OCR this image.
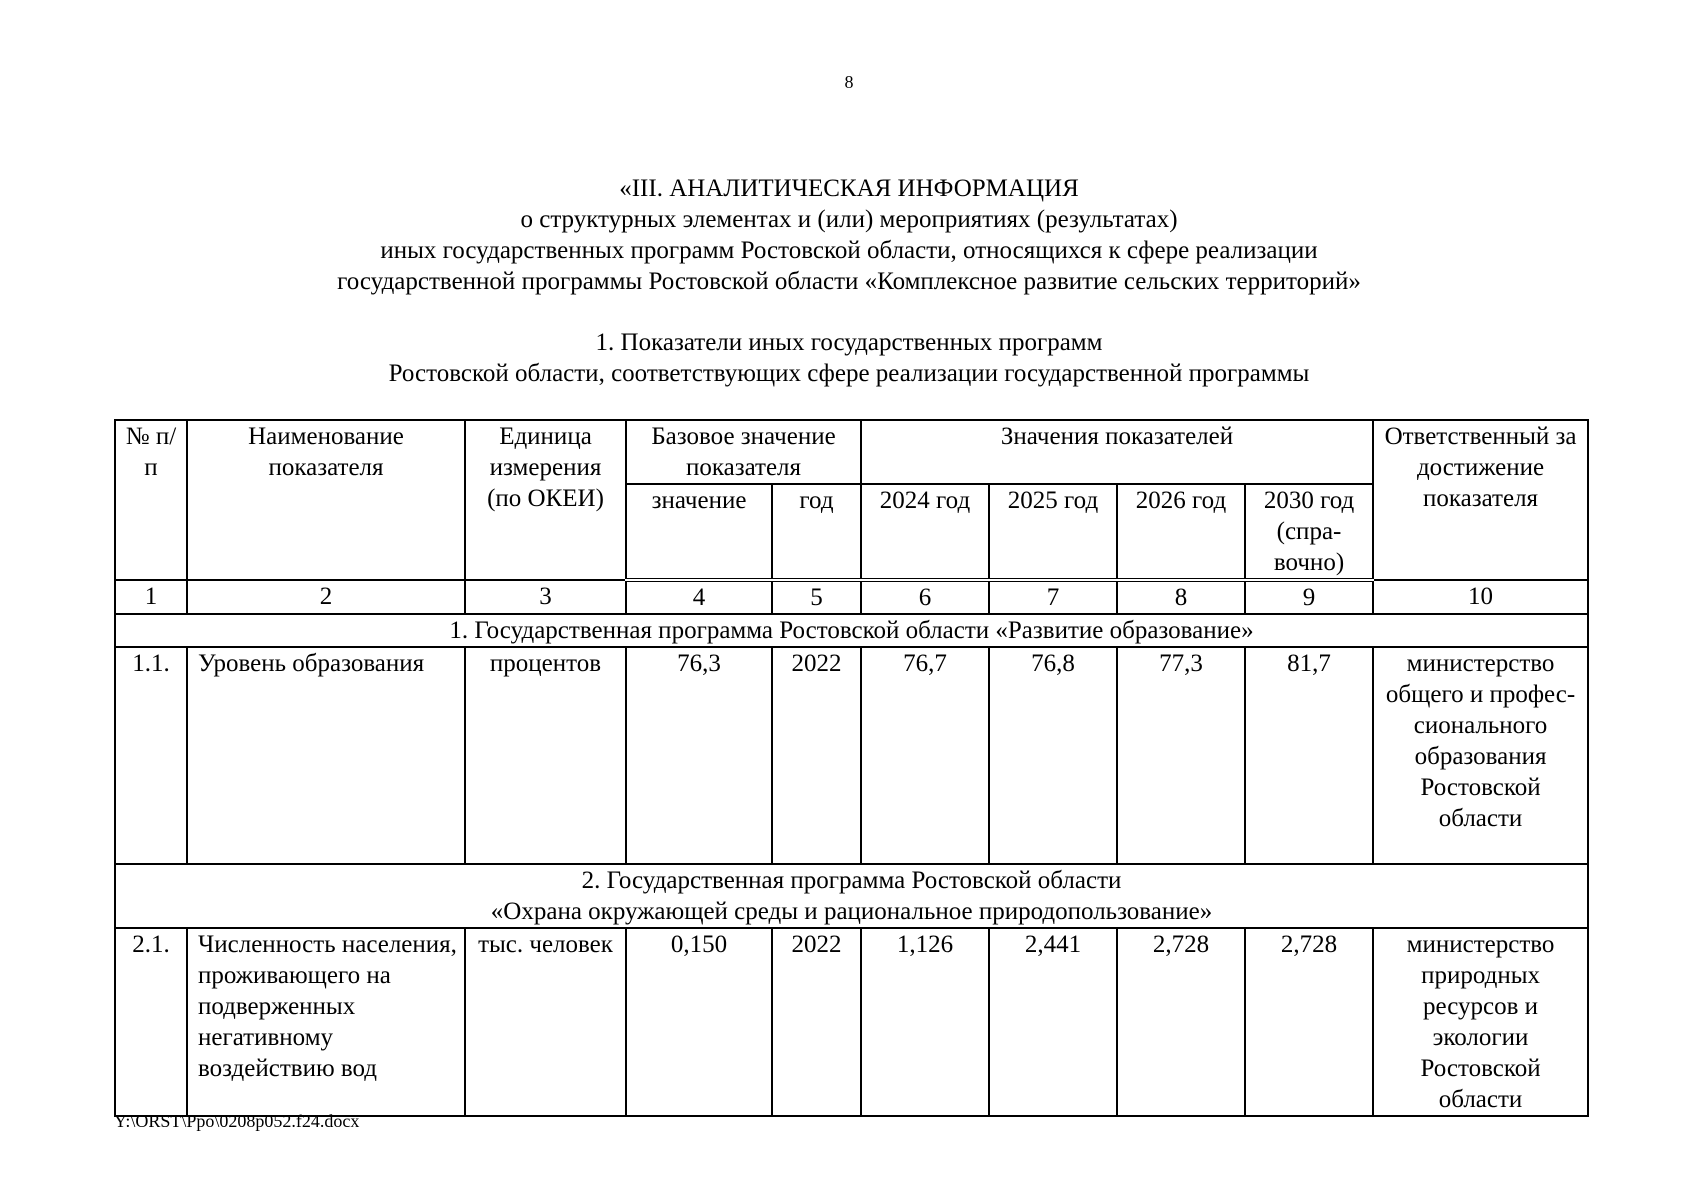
8
«III. АНАЛИТИЧЕСКАЯ ИНФОРМАЦИЯ
о структурных элементах и (или) мероприятиях (результатах)
иных государственных программ Ростовской области, относящихся к сфере реализации
государственной программы Ростовской области «Комплексное развитие сельских территорий»
1. Показатели иных государственных программ
Ростовской области, соответствующих сфере реализации государственной программы
№ п/п	Наименование показателя	Единица измерения (по ОКЕИ)	Базовое значение показателя		Значения показателей				Ответственный за достижение показателя
			значение	год	2024 год	2025 год	2026 год	2030 год (спра-вочно)	
1	2	3	4	5	6	7	8	9	10
1. Государственная программа Ростовской области «Развитие образование»									
1.1.	Уровень образования	процентов	76,3	2022	76,7	76,8	77,3	81,7	министерство общего и профес-сионального образования Ростовской области

2. Государственная программа Ростовской области
«Охрана окружающей среды и рациональное природопользование»									

2.1.	Численность населения, проживающего на подверженных негативному воздействию вод	тыс. человек	0,150	2022	1,126	2,441	2,728	2,728	министерство природных ресурсов и экологии Ростовской области
Y:\ORST\Ppo\0208p052.f24.docx
